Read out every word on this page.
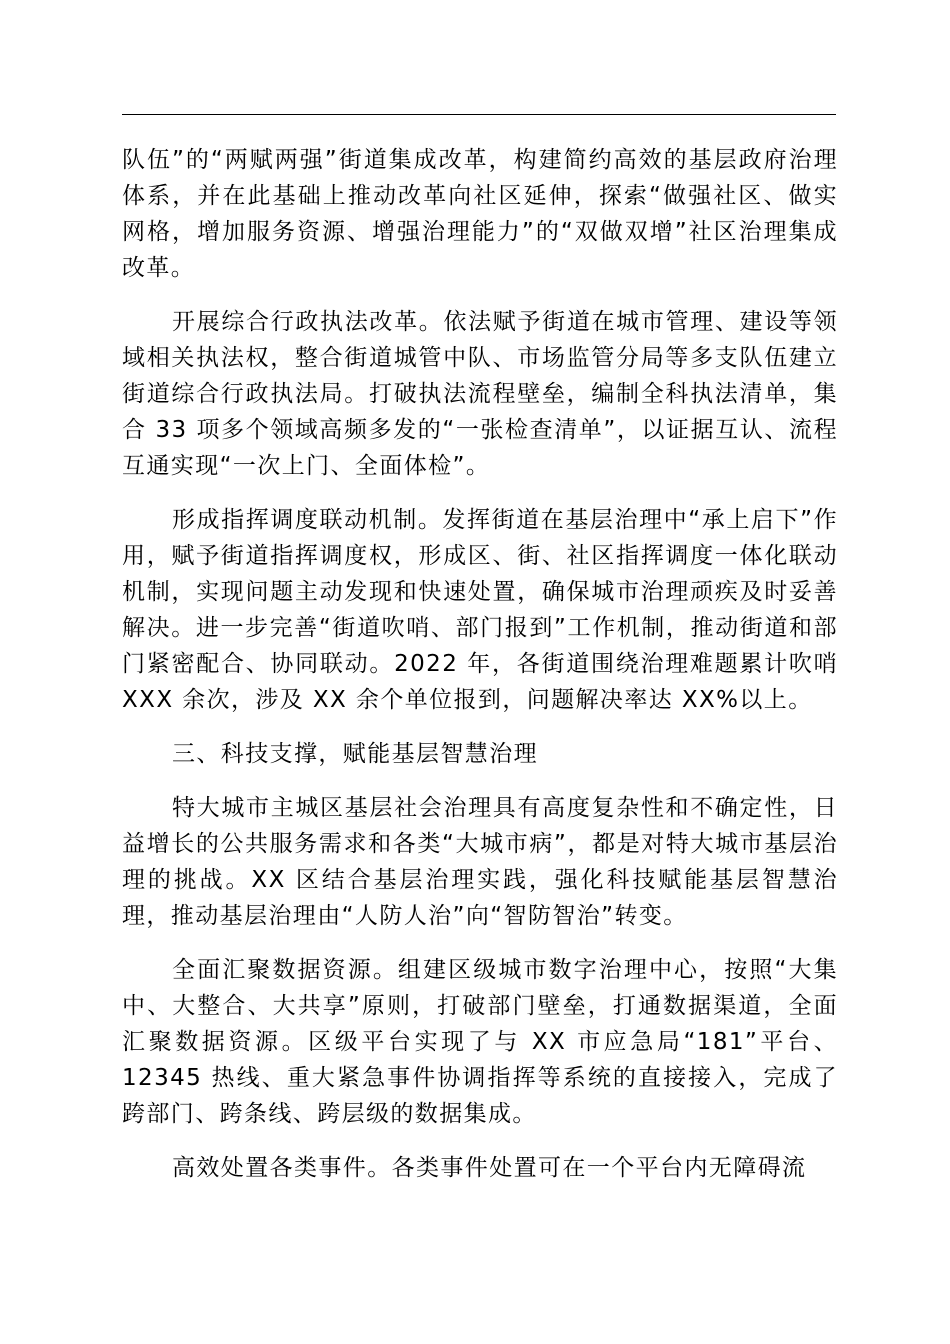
队伍”的“两赋两强”街道集成改革，构建简约高效的基层政府治理体系，并在此基础上推动改革向社区延伸，探索“做强社区、做实网格，增加服务资源、增强治理能力”的“双做双增”社区治理集成改革。

开展综合行政执法改革。依法赋予街道在城市管理、建设等领域相关执法权，整合街道城管中队、市场监管分局等多支队伍建立街道综合行政执法局。打破执法流程壁垒，编制全科执法清单，集合 33 项多个领域高频多发的“一张检查清单”，以证据互认、流程互通实现“一次上门、全面体检”。

形成指挥调度联动机制。发挥街道在基层治理中“承上启下”作用，赋予街道指挥调度权，形成区、街、社区指挥调度一体化联动机制，实现问题主动发现和快速处置，确保城市治理顽疾及时妥善解决。进一步完善“街道吹哨、部门报到”工作机制，推动街道和部门紧密配合、协同联动。2022 年，各街道围绕治理难题累计吹哨 XXX 余次，涉及 XX 余个单位报到，问题解决率达 XX%以上。

三、科技支撑，赋能基层智慧治理

特大城市主城区基层社会治理具有高度复杂性和不确定性，日益增长的公共服务需求和各类“大城市病”，都是对特大城市基层治理的挑战。XX 区结合基层治理实践，强化科技赋能基层智慧治理，推动基层治理由“人防人治”向“智防智治”转变。

全面汇聚数据资源。组建区级城市数字治理中心，按照“大集中、大整合、大共享”原则，打破部门壁垒，打通数据渠道，全面汇聚数据资源。区级平台实现了与 XX 市应急局“181”平台、12345 热线、重大紧急事件协调指挥等系统的直接接入，完成了跨部门、跨条线、跨层级的数据集成。

高效处置各类事件。各类事件处置可在一个平台内无障碍流
